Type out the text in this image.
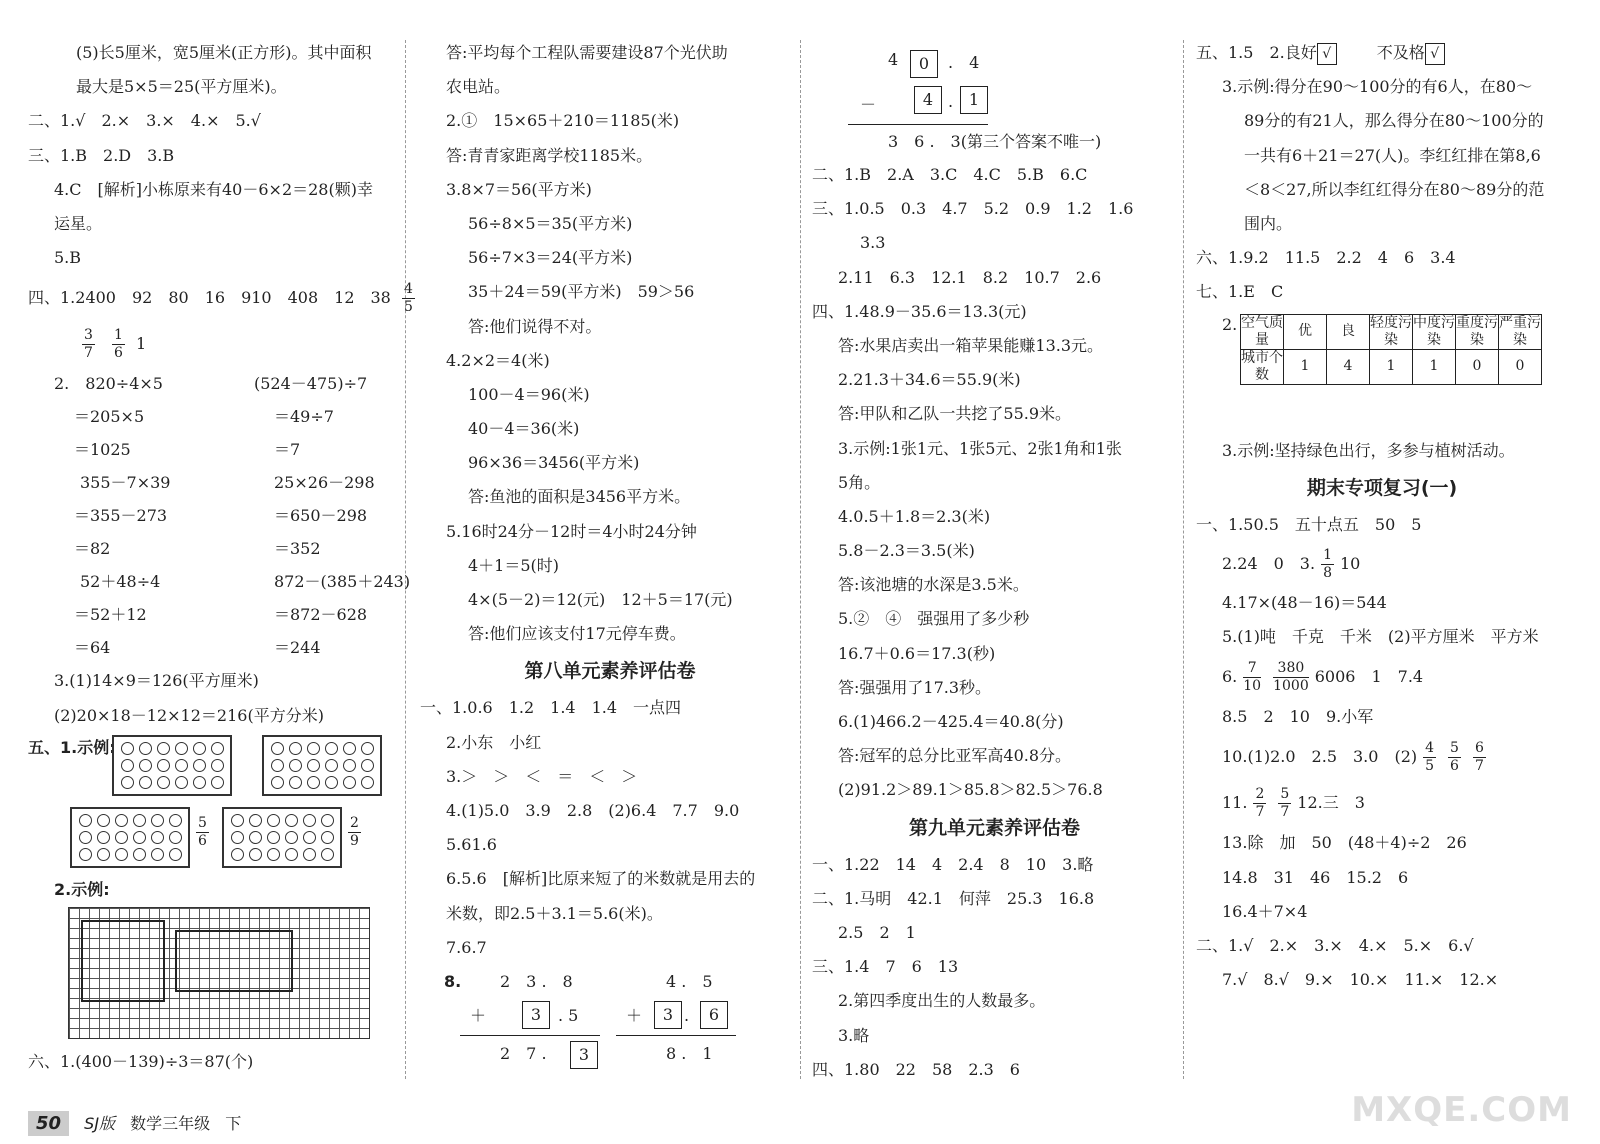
(5)长5厘米，宽5厘米(正方形)。其中面积
最大是5×5＝25(平方厘米)。
二、1.√　2.×　3.×　4.×　5.√
三、1.B　2.D　3.B
4.C　[解析]小栋原来有40－6×2＝28(颗)幸
运星。
5.B
四、1.2400　92　80　16　910　408　12　$38 \frac{4}{5}$
$\frac{3}{7}$
$\frac{1}{6} 1$
2.　820÷4×5	(524－475)÷7
＝205×5	＝49÷7
＝1025	＝7
355－7×39	25×26－298
＝355－273	＝650－298
＝82	＝352
52＋48÷4	872－(385＋243)
＝52＋12	＝872－628
＝64	＝244
3.(1)14×9＝126(平方厘米)
(2)20×18－12×12＝216(平方分米)
五、1.示例:
$\frac{5}{6}$	$\frac{2}{9}$
2.示例:
六、1.(400－139)÷3＝87(个)
答:平均每个工程队需要建设87个光伏助
农电站。
2.①　15×65＋210＝1185(米)
答:青青家距离学校1185米。
3.8×7＝56(平方米)
56÷8×5＝35(平方米)
56÷7×3＝24(平方米)
35＋24＝59(平方米)　59＞56
答:他们说得不对。
4.2×2＝4(米)
100－4＝96(米)
40－4＝36(米)
96×36＝3456(平方米)
答:鱼池的面积是3456平方米。
5.16时24分－12时＝4小时24分钟
4＋1＝5(时)
4×(5－2)＝12(元)　12＋5＝17(元)
答:他们应该支付17元停车费。
第八单元素养评估卷
一、1.0.6　1.2　1.4　1.4　一点四
2.小东　小红
3.＞　＞　＜　＝　＜　＞
4.(1)5.0　3.9　2.8　(2)6.4　7.7　9.0
5.61.6
6.5.6　[解析]比原来短了的米数就是用去的
米数，即2.5＋3.1＝5.6(米)。
7.6.7
8. 2　3 .　8
＋	3	. 5
2　7 .	3
4 .　5
＋	3 .	6
8 .　1
4	0	.　4
－	4 . 1
3　6 .　3(第三个答案不唯一)
二、1.B　2.A　3.C　4.C　5.B　6.C
三、1.0.5　0.3　4.7　5.2　0.9　1.2　1.6
3.3
2.11　6.3　12.1　8.2　10.7　2.6
四、1.48.9－35.6＝13.3(元)
答:水果店卖出一箱苹果能赚13.3元。
2.21.3＋34.6＝55.9(米)
答:甲队和乙队一共挖了55.9米。
3.示例:1张1元、1张5元、2张1角和1张
5角。
4.0.5＋1.8＝2.3(米)
5.8－2.3＝3.5(米)
答:该池塘的水深是3.5米。
5.②　④　强强用了多少秒
16.7＋0.6＝17.3(秒)
答:强强用了17.3秒。
6.(1)466.2－425.4＝40.8(分)
答:冠军的总分比亚军高40.8分。
(2)91.2＞89.1＞85.8＞82.5＞76.8
第九单元素养评估卷
一、1.22　14　4　2.4　8　10　3.略
二、1.马明　42.1　何萍　25.3　16.8
2.5　2　1
三、1.4　7　6　13
2.第四季度出生的人数最多。
3.略
四、1.80　22　58　2.3　6
五、1.5　2.良好 √	不及格 √
3.示例:得分在90～100分的有6人，在80～
89分的有21人，那么得分在80～100分的
一共有6＋21＝27(人)。李红红排在第8,6
＜8＜27,所以李红红得分在80～89分的范
围内。
六、1.9.2　11.5　2.2　4　6　3.4
七、1.E　C
2. 空气质量	优	良	轻度污染	中度污染	重度污染	严重污染
城市个数	1	4	1	1	0	0
3.示例:坚持绿色出行，多参与植树活动。
期末专项复习(一)
一、1.50.5　五十点五　50　5
2.24　0　3. $\frac{1}{8} 10$
4.17×(48－16)＝544
5.(1)吨　千克　千米　(2)平方厘米　平方米
6. $\frac{7}{10} \frac{380}{1000} 6006$　1　7.4
8.5　2　10　9.小军
10.(1)2.0　2.5　3.0　$(2) \frac{4}{5} \frac{5}{6} \frac{6}{7}$
11. $\frac{2}{7} \frac{5}{7} 12$.三　3
13.除　加　50　(48＋4)÷2　26
14.8　31　46　15.2　6
16.4＋7×4
二、1.√　2.×　3.×　4.×　5.×　6.√
7.√　8.√　9.×　10.×　11.×　12.×
50 SJ版 数学三年级 下	MXQE.COM
